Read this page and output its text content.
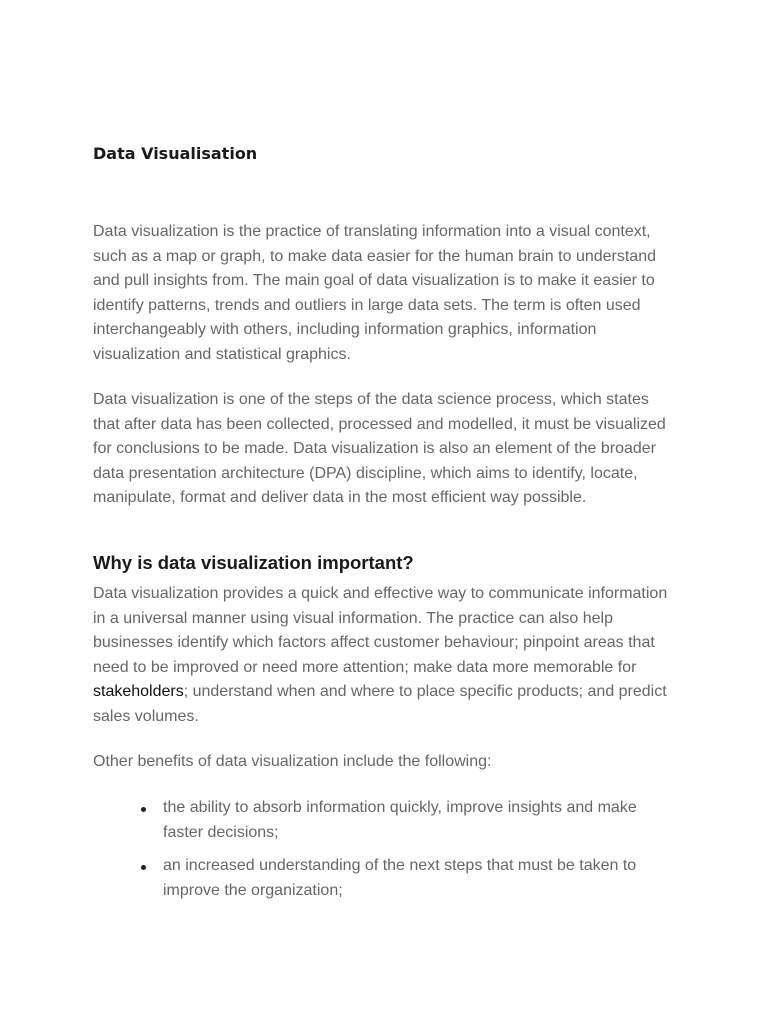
Data Visualisation

Data visualization is the practice of translating information into a visual context, such as a map or graph, to make data easier for the human brain to understand and pull insights from. The main goal of data visualization is to make it easier to identify patterns, trends and outliers in large data sets. The term is often used interchangeably with others, including information graphics, information visualization and statistical graphics.

Data visualization is one of the steps of the data science process, which states that after data has been collected, processed and modelled, it must be visualized for conclusions to be made. Data visualization is also an element of the broader data presentation architecture (DPA) discipline, which aims to identify, locate, manipulate, format and deliver data in the most efficient way possible.

Why is data visualization important?

Data visualization provides a quick and effective way to communicate information in a universal manner using visual information. The practice can also help businesses identify which factors affect customer behaviour; pinpoint areas that need to be improved or need more attention; make data more memorable for stakeholders; understand when and where to place specific products; and predict sales volumes.

Other benefits of data visualization include the following:

the ability to absorb information quickly, improve insights and make faster decisions;
an increased understanding of the next steps that must be taken to improve the organization;
